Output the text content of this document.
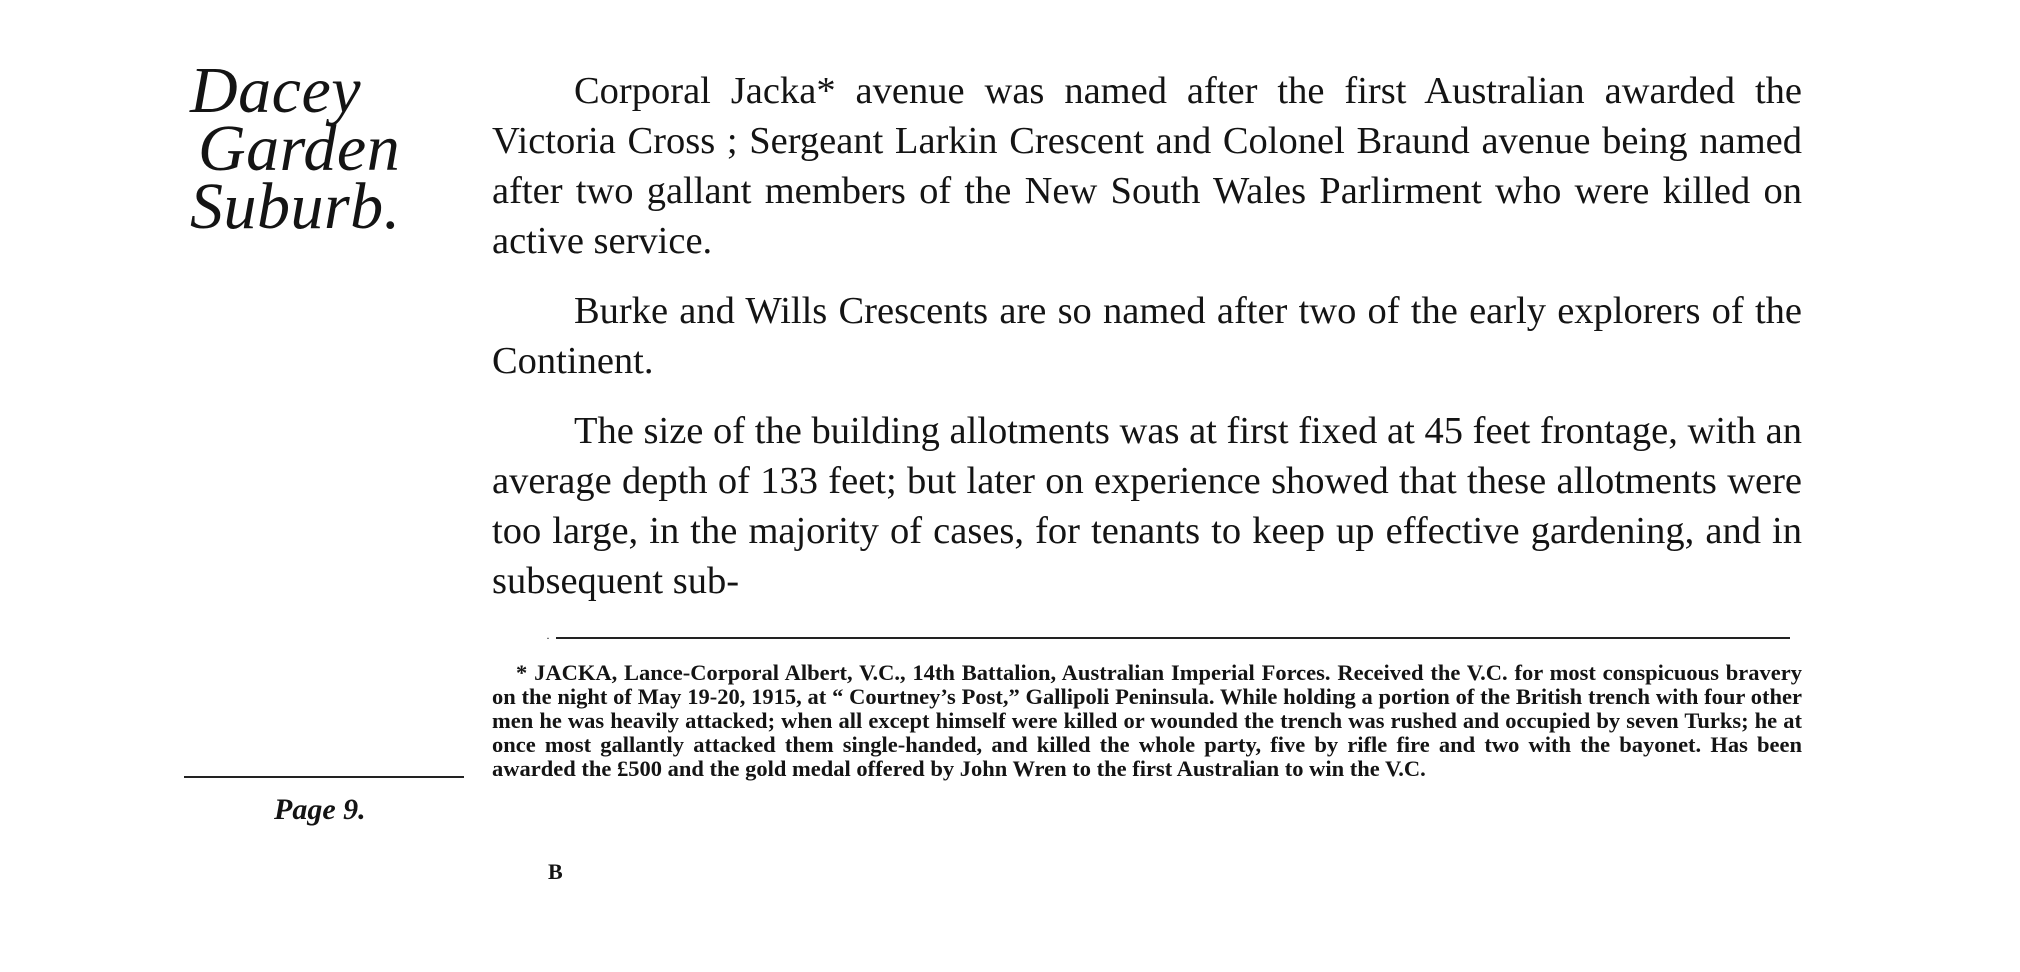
Dacey
Garden
Suburb.

Corporal Jacka* avenue was named after the first Australian awarded the Victoria Cross ; Sergeant Larkin Crescent and Colonel Braund avenue being named after two gallant members of the New South Wales Parlirment who were killed on active service.

Burke and Wills Crescents are so named after two of the early explorers of the Continent.

The size of the building allotments was at first fixed at 45 feet frontage, with an average depth of 133 feet; but later on experience showed that these allotments were too large, in the majority of cases, for tenants to keep up effective gardening, and in subsequent sub-

·

* JACKA, Lance-Corporal Albert, V.C., 14th Battalion, Australian Imperial Forces. Received the V.C. for most conspicuous bravery on the night of May 19-20, 1915, at “ Courtney’s Post,” Gallipoli Peninsula. While holding a portion of the British trench with four other men he was heavily attacked; when all except himself were killed or wounded the trench was rushed and occupied by seven Turks; he at once most gallantly attacked them single-handed, and killed the whole party, five by rifle fire and two with the bayonet. Has been awarded the £500 and the gold medal offered by John Wren to the first Australian to win the V.C.

Page 9.
B
